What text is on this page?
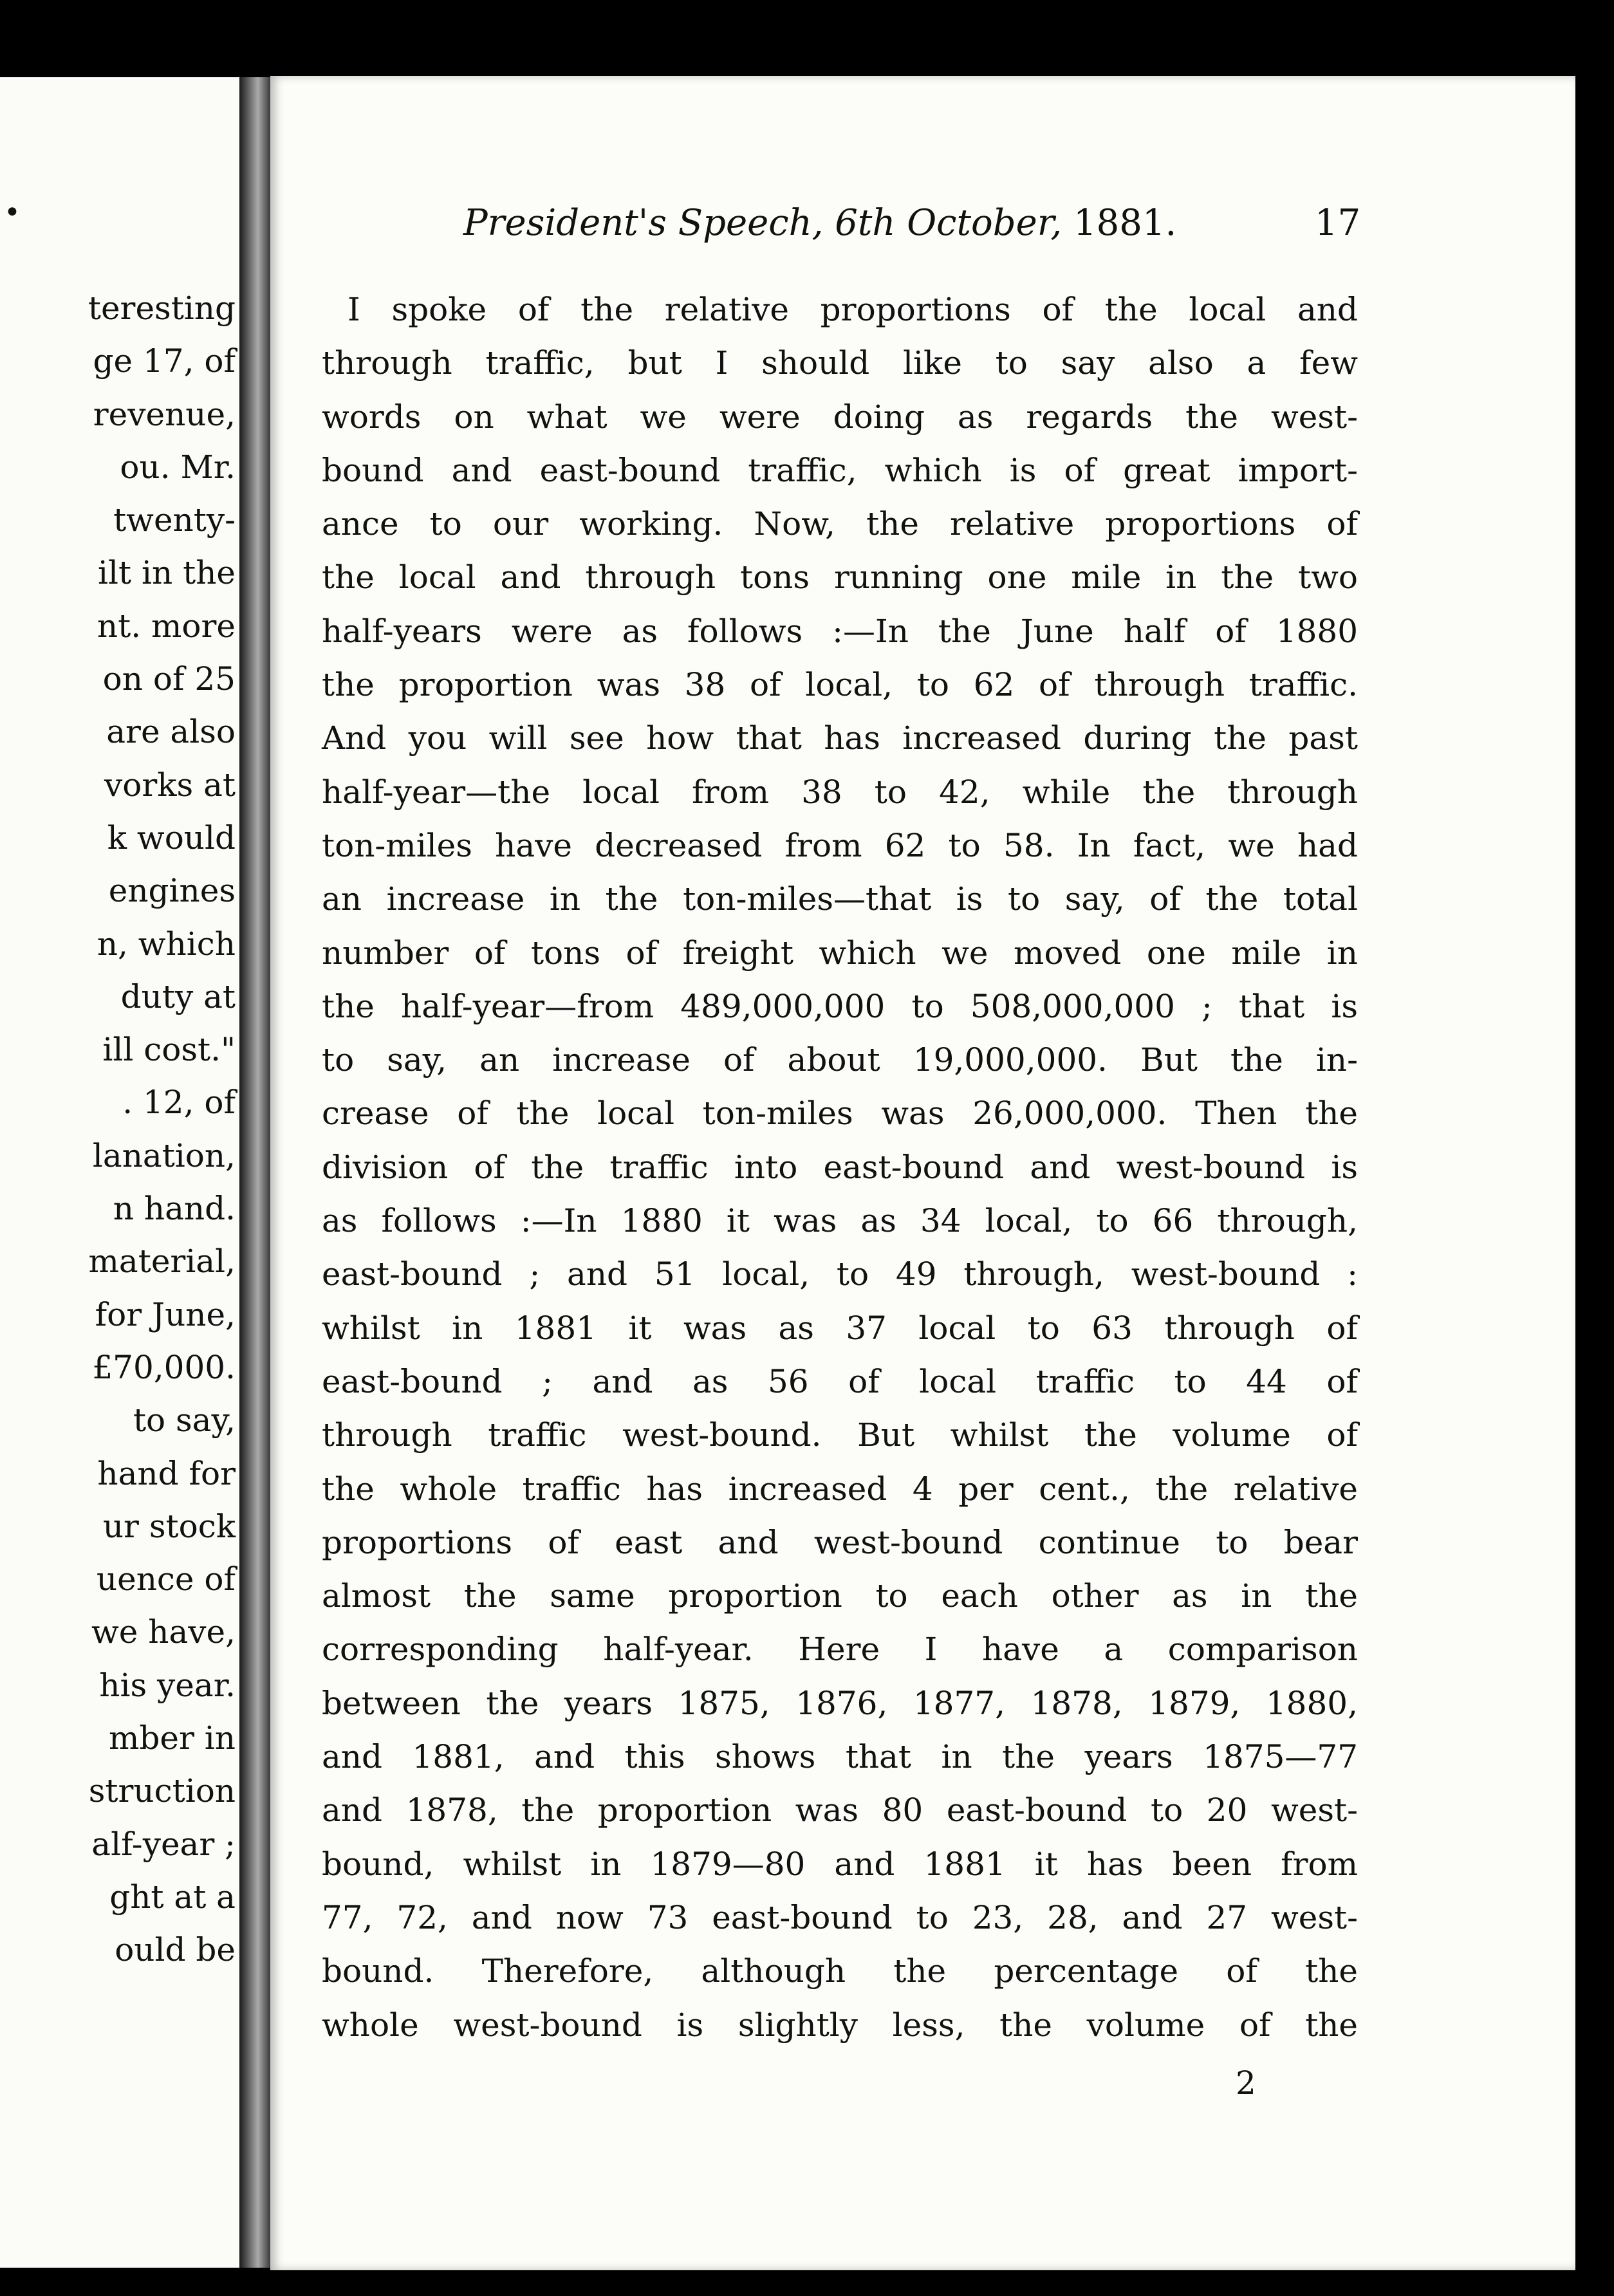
•
teresting
ge 17, of
revenue,
ou. Mr.
twenty-
ilt in the
nt. more
on of 25
are also
vorks at
k would
engines
n, which
duty at
ill cost."
. 12, of
lanation,
n hand.
material,
for June,
£70,000.
to say,
hand for
ur stock
uence of
we have,
his year.
mber in
struction
alf-year ;
ght at a
ould be
President's Speech, 6th October, 1881.	17
I spoke of the relative proportions of the local and
through traffic, but I should like to say also a few
words on what we were doing as regards the west-
bound and east-bound traffic, which is of great import-
ance to our working. Now, the relative proportions of
the local and through tons running one mile in the two
half-years were as follows :—In the June half of 1880
the proportion was 38 of local, to 62 of through traffic.
And you will see how that has increased during the past
half-year—the local from 38 to 42, while the through
ton-miles have decreased from 62 to 58. In fact, we had
an increase in the ton-miles—that is to say, of the total
number of tons of freight which we moved one mile in
the half-year—from 489,000,000 to 508,000,000 ; that is
to say, an increase of about 19,000,000. But the in-
crease of the local ton-miles was 26,000,000. Then the
division of the traffic into east-bound and west-bound is
as follows :—In 1880 it was as 34 local, to 66 through,
east-bound ; and 51 local, to 49 through, west-bound :
whilst in 1881 it was as 37 local to 63 through of
east-bound ; and as 56 of local traffic to 44 of
through traffic west-bound. But whilst the volume of
the whole traffic has increased 4 per cent., the relative
proportions of east and west-bound continue to bear
almost the same proportion to each other as in the
corresponding half-year. Here I have a comparison
between the years 1875, 1876, 1877, 1878, 1879, 1880,
and 1881, and this shows that in the years 1875—77
and 1878, the proportion was 80 east-bound to 20 west-
bound, whilst in 1879—80 and 1881 it has been from
77, 72, and now 73 east-bound to 23, 28, and 27 west-
bound. Therefore, although the percentage of the
whole west-bound is slightly less, the volume of the
2
